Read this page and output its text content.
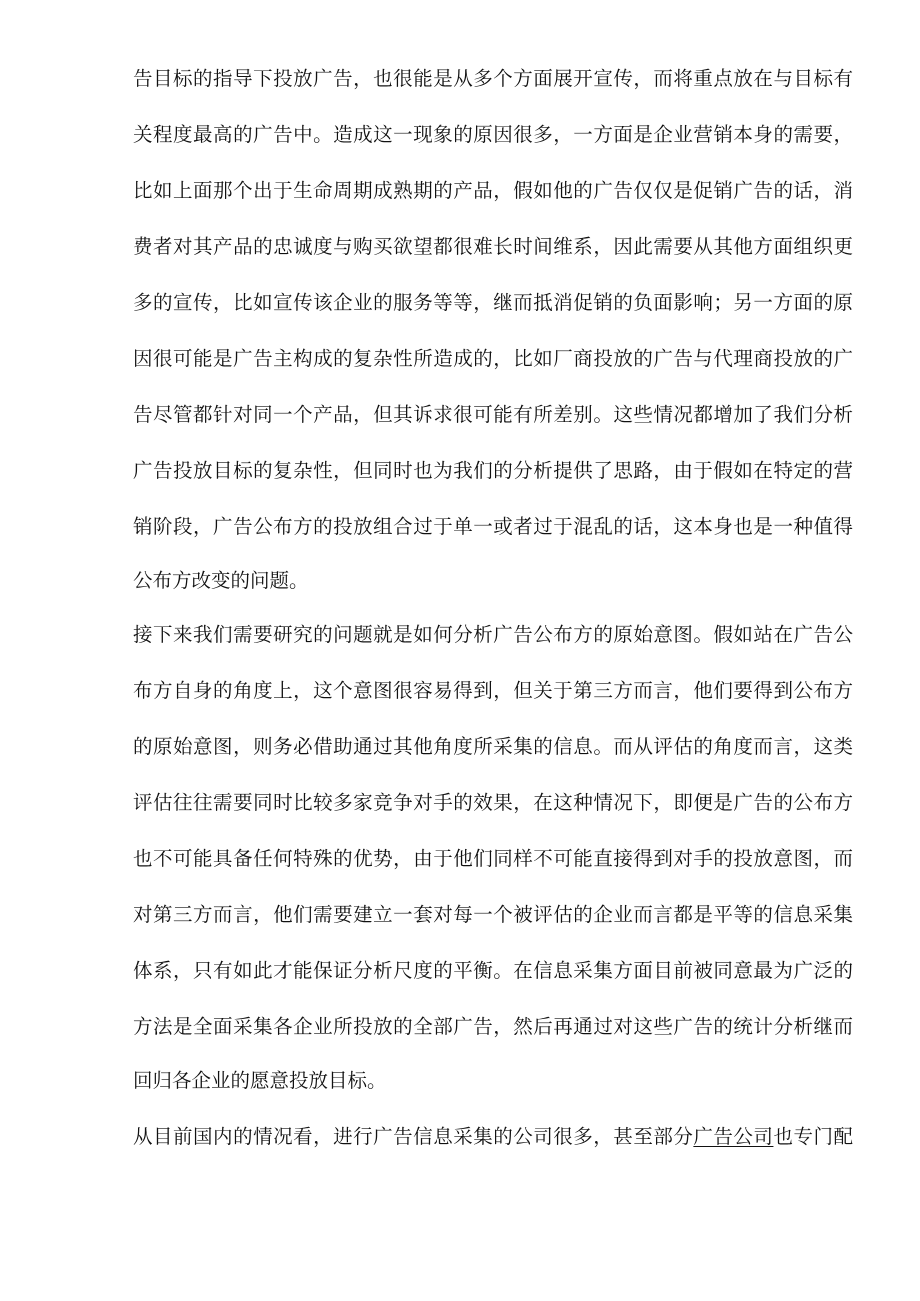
告目标的指导下投放广告，也很能是从多个方面展开宣传，而将重点放在与目标有
关程度最高的广告中。造成这一现象的原因很多，一方面是企业营销本身的需要，
比如上面那个出于生命周期成熟期的产品，假如他的广告仅仅是促销广告的话，消
费者对其产品的忠诚度与购买欲望都很难长时间维系，因此需要从其他方面组织更
多的宣传，比如宣传该企业的服务等等，继而抵消促销的负面影响；另一方面的原
因很可能是广告主构成的复杂性所造成的，比如厂商投放的广告与代理商投放的广
告尽管都针对同一个产品，但其诉求很可能有所差别。这些情况都增加了我们分析
广告投放目标的复杂性，但同时也为我们的分析提供了思路，由于假如在特定的营
销阶段，广告公布方的投放组合过于单一或者过于混乱的话，这本身也是一种值得
公布方改变的问题。
接下来我们需要研究的问题就是如何分析广告公布方的原始意图。假如站在广告公
布方自身的角度上，这个意图很容易得到，但关于第三方而言，他们要得到公布方
的原始意图，则务必借助通过其他角度所采集的信息。而从评估的角度而言，这类
评估往往需要同时比较多家竞争对手的效果，在这种情况下，即便是广告的公布方
也不可能具备任何特殊的优势，由于他们同样不可能直接得到对手的投放意图，而
对第三方而言，他们需要建立一套对每一个被评估的企业而言都是平等的信息采集
体系，只有如此才能保证分析尺度的平衡。在信息采集方面目前被同意最为广泛的
方法是全面采集各企业所投放的全部广告，然后再通过对这些广告的统计分析继而
回归各企业的愿意投放目标。
从目前国内的情况看，进行广告信息采集的公司很多，甚至部分广告公司也专门配
